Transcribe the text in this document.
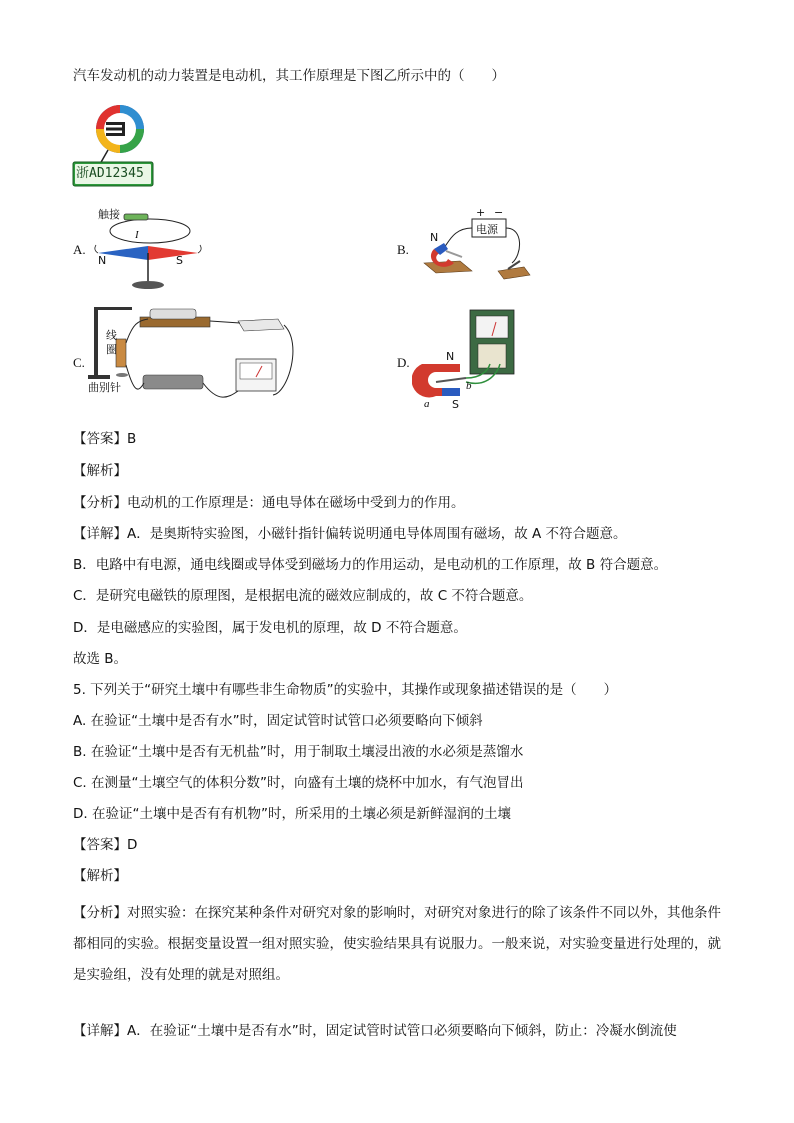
汽车发动机的动力装置是电动机，其工作原理是下图乙所示中的（　　）
浙AD12345
A.
触接
I
N	S
B.
电源
+ −
N
C.
线
圈
曲别针
D.	N
S
a
b
【答案】B
【解析】
【分析】电动机的工作原理是：通电导体在磁场中受到力的作用。
【详解】A．是奥斯特实验图，小磁针指针偏转说明通电导体周围有磁场，故 A 不符合题意。
B．电路中有电源，通电线圈或导体受到磁场力的作用运动，是电动机的工作原理，故 B 符合题意。
C．是研究电磁铁的原理图，是根据电流的磁效应制成的，故 C 不符合题意。
D．是电磁感应的实验图，属于发电机的原理，故 D 不符合题意。
故选 B。
5. 下列关于“研究土壤中有哪些非生命物质”的实验中，其操作或现象描述错误的是（　　）
A. 在验证“土壤中是否有水”时，固定试管时试管口必须要略向下倾斜
B. 在验证“土壤中是否有无机盐”时，用于制取土壤浸出液的水必须是蒸馏水
C. 在测量“土壤空气的体积分数”时，向盛有土壤的烧杯中加水，有气泡冒出
D. 在验证“土壤中是否有有机物”时，所采用的土壤必须是新鲜湿润的土壤
【答案】D
【解析】
【分析】对照实验：在探究某种条件对研究对象的影响时，对研究对象进行的除了该条件不同以外，其他条件都相同的实验。根据变量设置一组对照实验，使实验结果具有说服力。一般来说，对实验变量进行处理的，就是实验组，没有处理的就是对照组。
【详解】A．在验证“土壤中是否有水”时，固定试管时试管口必须要略向下倾斜，防止：冷凝水倒流使
